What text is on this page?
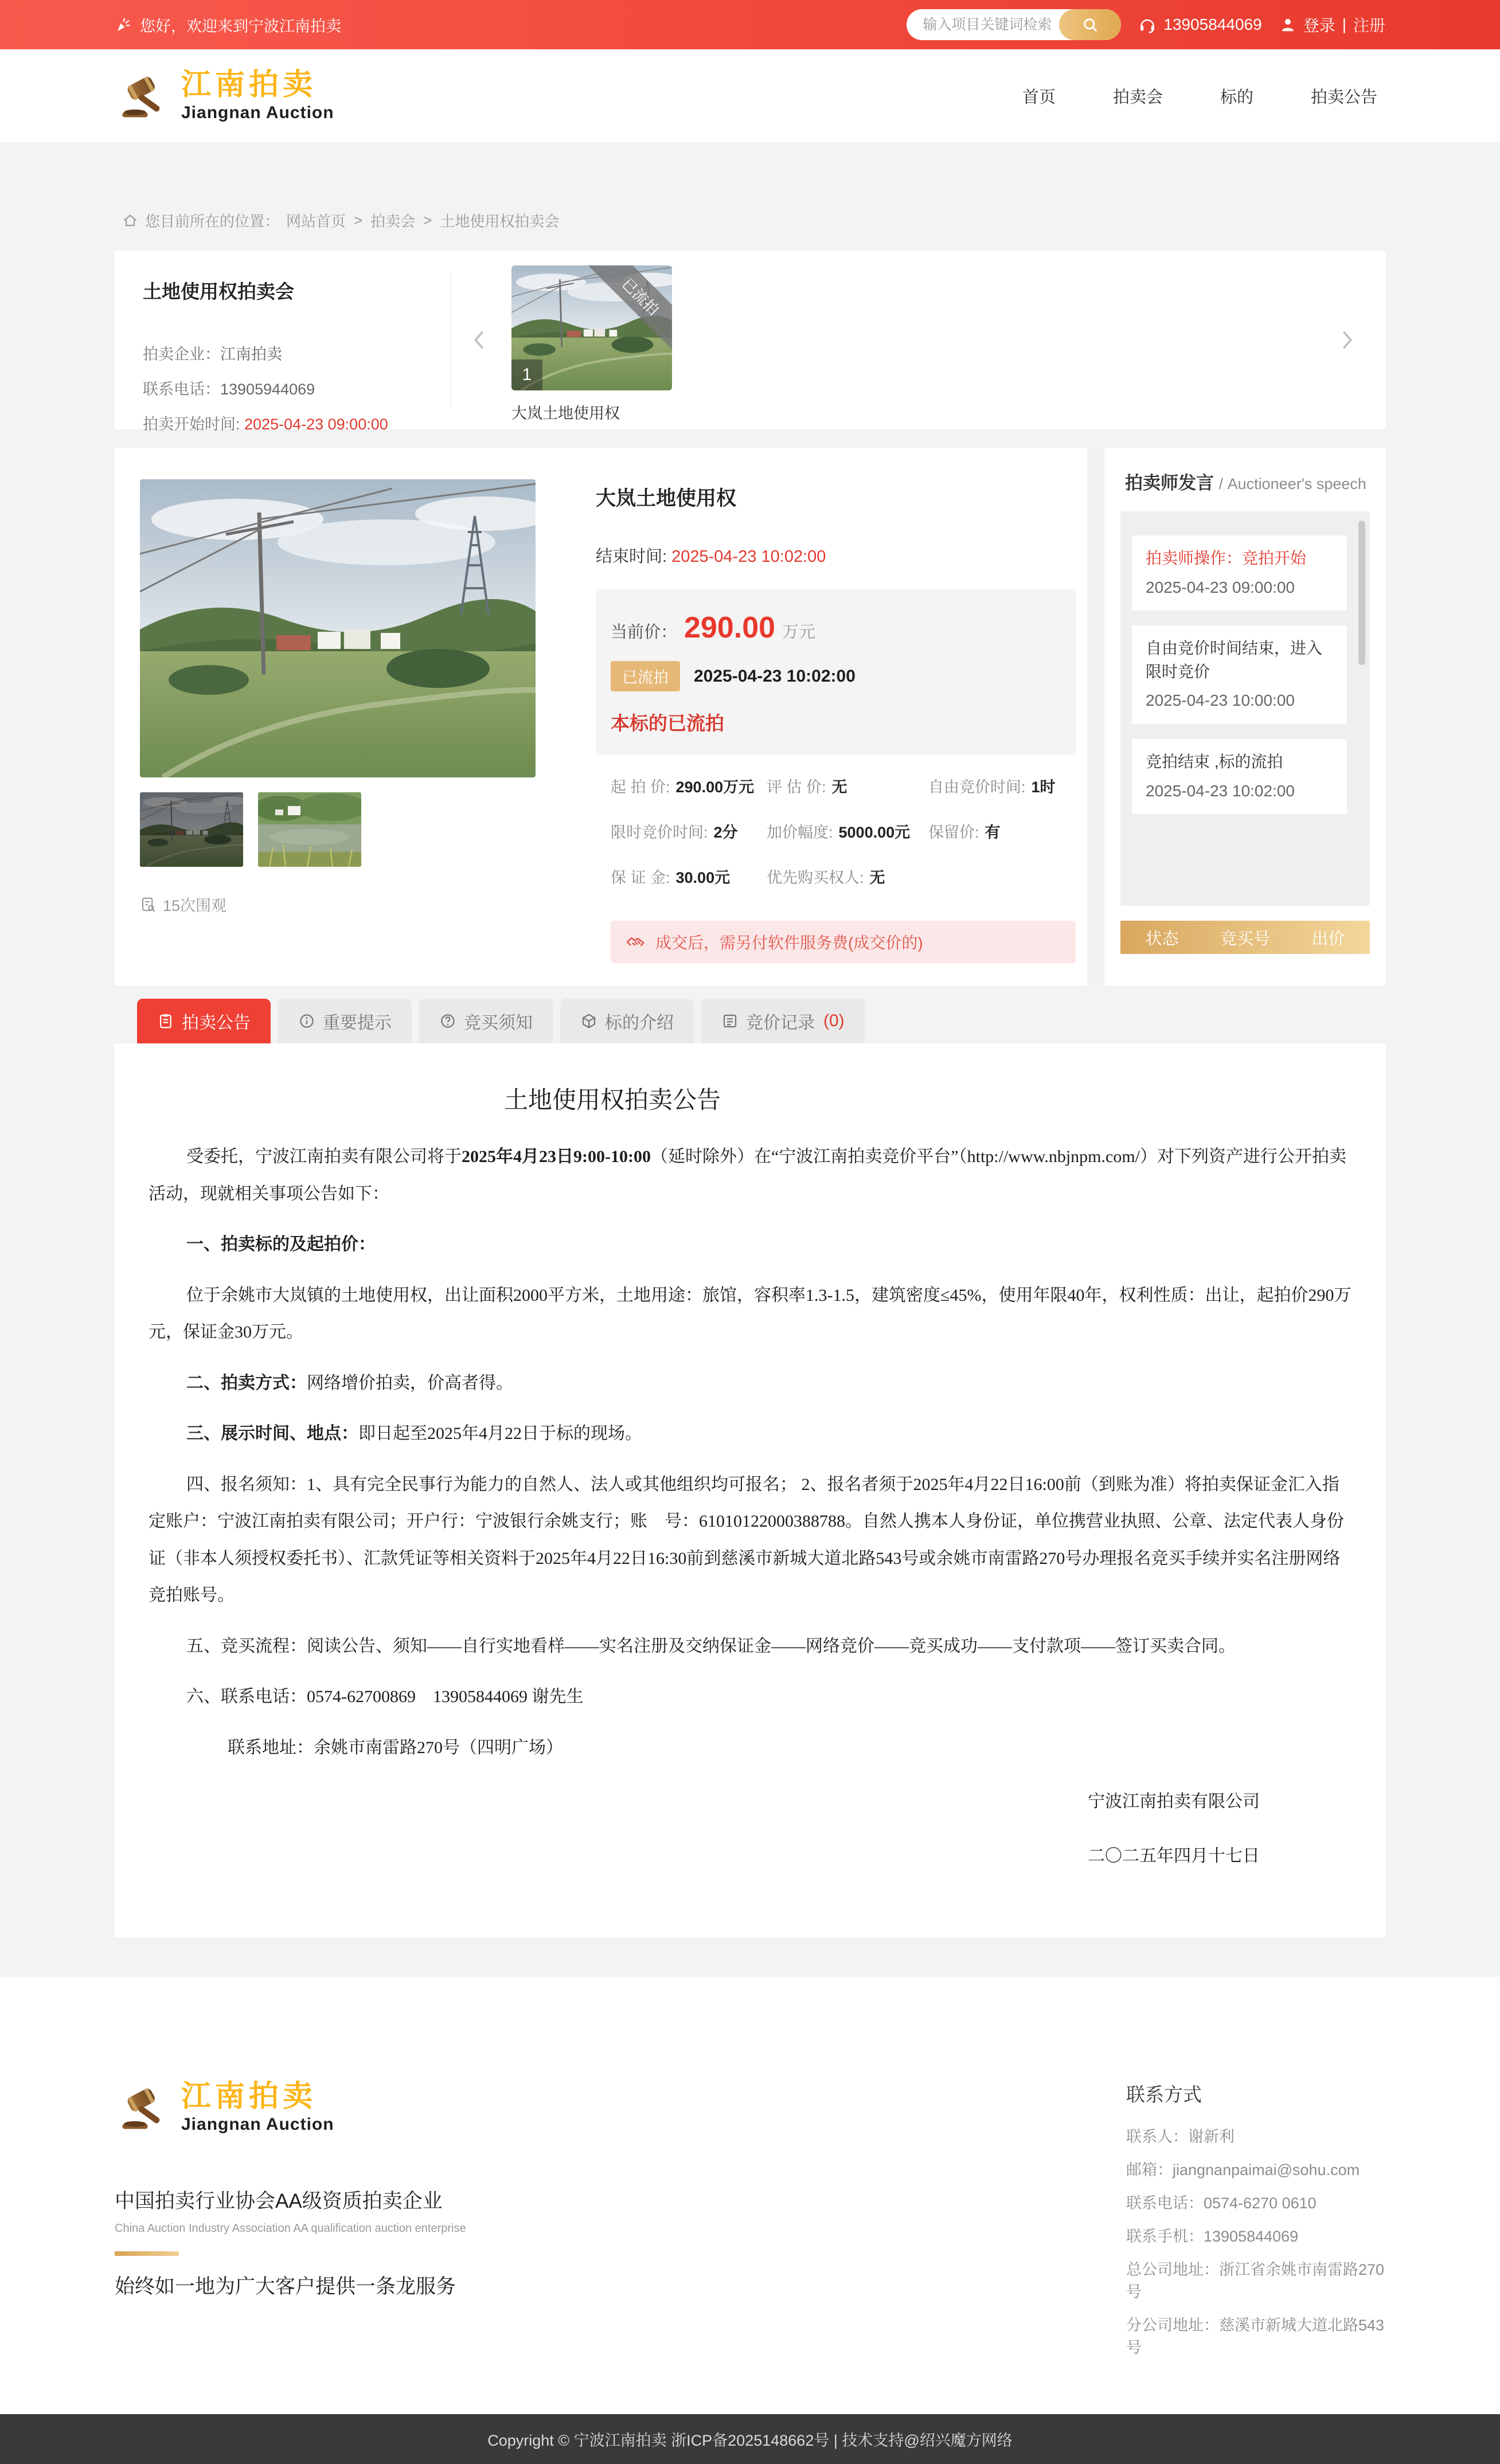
您好，欢迎来到宁波江南拍卖
输入项目关键词检索	13905844069	登录 | 注册
江南拍卖
Jiangnan Auction
首页	拍卖会	标的	拍卖公告
您目前所在的位置： 网站首页 > 拍卖会 > 土地使用权拍卖会
土地使用权拍卖会
拍卖企业：江南拍卖
联系电话：13905944069
拍卖开始时间: 2025-04-23 09:00:00
1
已流拍
大岚土地使用权
15次围观
大岚土地使用权
结束时间: 2025-04-23 10:02:00
当前价： 290.00 万元
已流拍	2025-04-23 10:02:00
本标的已流拍
起 拍 价: 290.00万元 评 估 价: 无	自由竞价时间: 1时
限时竞价时间: 2分 加价幅度: 5000.00元 保留价: 有
保 证 金: 30.00元 优先购买权人: 无
成交后，需另付软件服务费(成交价的)
拍卖师发言 / Auctioneer's speech
拍卖师操作：竞拍开始
2025-04-23 09:00:00
自由竞价时间结束，进入限时竞价
2025-04-23 10:00:00
竞拍结束 ,标的流拍
2025-04-23 10:02:00
状态	竞买号	出价
拍卖公告	重要提示	竞买须知	标的介绍	竞价记录 (0)
土地使用权拍卖公告

受委托，宁波江南拍卖有限公司将于2025年4月23日9:00-10:00（延时除外）在“宁波江南拍卖竞价平台”（http://www.nbjnpm.com/）对下列资产进行公开拍卖活动，现就相关事项公告如下：

一、拍卖标的及起拍价：

位于余姚市大岚镇的土地使用权，出让面积2000平方米，土地用途：旅馆，容积率1.3-1.5，建筑密度≤45%，使用年限40年，权利性质：出让，起拍价290万元，保证金30万元。

二、拍卖方式：网络增价拍卖，价高者得。

三、展示时间、地点：即日起至2025年4月22日于标的现场。

四、报名须知：1、具有完全民事行为能力的自然人、法人或其他组织均可报名； 2、报名者须于2025年4月22日16:00前（到账为准）将拍卖保证金汇入指定账户：宁波江南拍卖有限公司；开户行：宁波银行余姚支行；账　号：61010122000388788。自然人携本人身份证，单位携营业执照、公章、法定代表人身份证（非本人须授权委托书）、汇款凭证等相关资料于2025年4月22日16:30前到慈溪市新城大道北路543号或余姚市南雷路270号办理报名竞买手续并实名注册网络竞拍账号。

五、竞买流程：阅读公告、须知——自行实地看样——实名注册及交纳保证金——网络竞价——竞买成功——支付款项——签订买卖合同。

六、联系电话：0574-62700869　13905844069 谢先生

联系地址：余姚市南雷路270号（四明广场）

宁波江南拍卖有限公司

二〇二五年四月十七日

江南拍卖
Jiangnan Auction
中国拍卖行业协会AA级资质拍卖企业
China Auction Industry Association AA qualification auction enterprise
始终如一地为广大客户提供一条龙服务
联系方式
联系人：谢新利
邮箱：jiangnanpaimai@sohu.com
联系电话：0574-6270 0610
联系手机：13905844069
总公司地址：浙江省余姚市南雷路270号
分公司地址：慈溪市新城大道北路543号
Copyright © 宁波江南拍卖 浙ICP备2025148662号 | 技术支持@绍兴魔方网络
